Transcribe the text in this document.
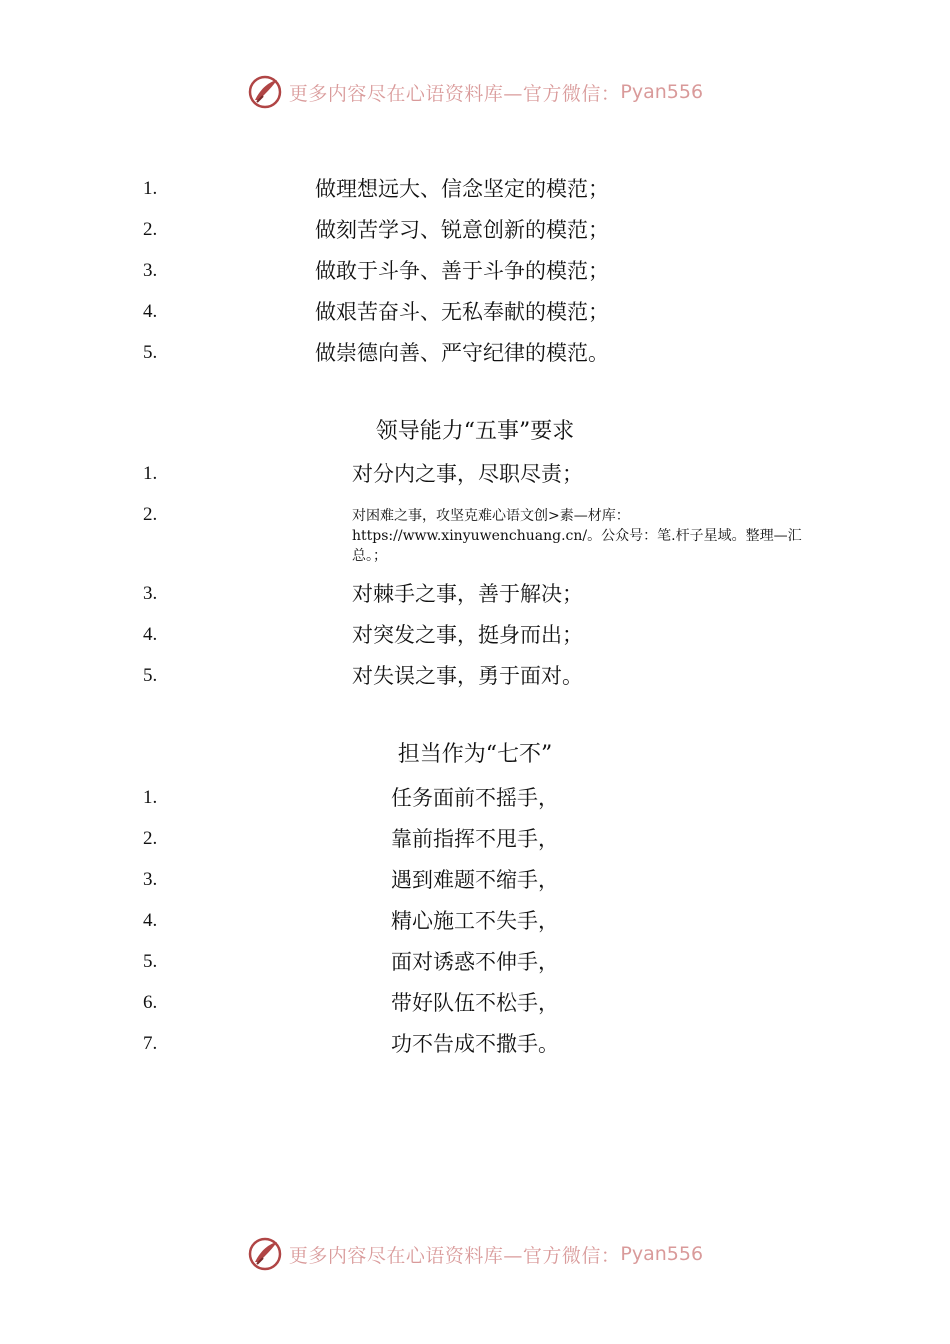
更多内容尽在心语资料库—官方微信： Pyan556
1.	做理想远大、信念坚定的模范；
2.	做刻苦学习、锐意创新的模范；
3.	做敢于斗争、善于斗争的模范；
4.	做艰苦奋斗、无私奉献的模范；
5.	做崇德向善、严守纪律的模范。
领导能力“五事”要求
1.	对分内之事，尽职尽责；
2.	对困难之事，攻坚克难心语文创>素—材库：https://www.xinyuwenchuang.cn/。公众号：笔.杆子星域。整理—汇总。；
3.	对棘手之事，善于解决；
4.	对突发之事，挺身而出；
5.	对失误之事，勇于面对。
担当作为“七不”
1.	任务面前不摇手，
2.	靠前指挥不甩手，
3.	遇到难题不缩手，
4.	精心施工不失手，
5.	面对诱惑不伸手，
6.	带好队伍不松手，
7.	功不告成不撒手。
更多内容尽在心语资料库—官方微信： Pyan556
